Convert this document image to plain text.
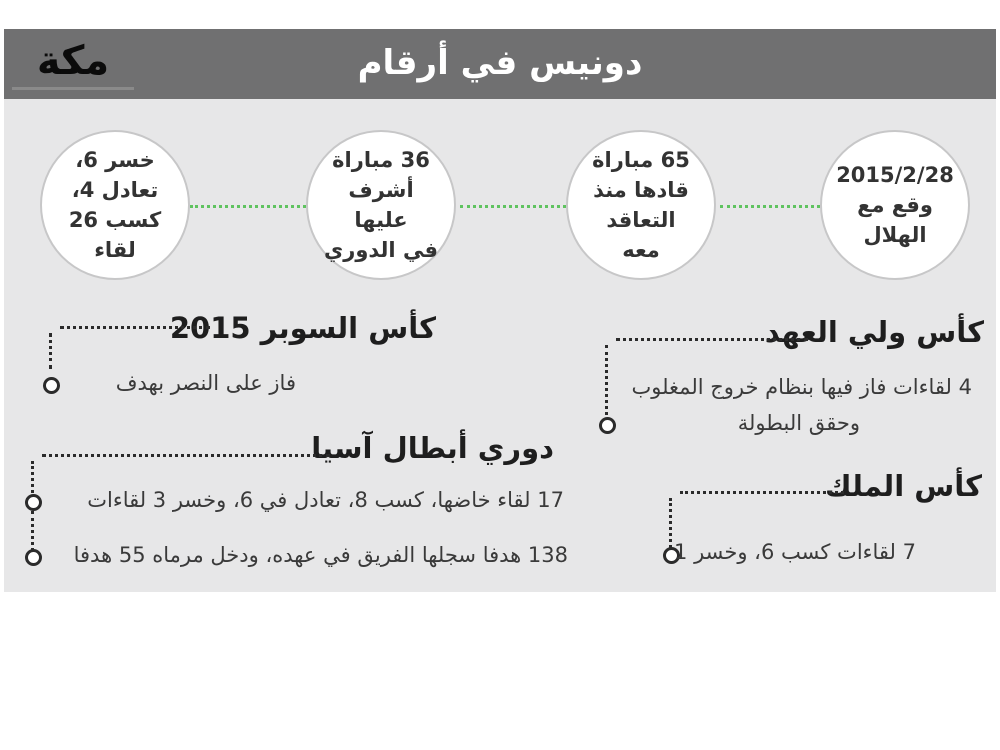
مكة	دونيس في أرقام
2015/2/28
وقع مع
الهلال
65 مباراة
قادها منذ
التعاقد
معه
36 مباراة
أشرف عليها
في الدوري
خسر 6،
تعادل 4،
كسب 26
لقاء
كأس ولي العهد
4 لقاءات فاز فيها بنظام خروج المغلوب
وحقق البطولة
كأس السوبر 2015
فاز على النصر بهدف
دوري أبطال آسيا
17 لقاء خاضها، كسب 8، تعادل في 6، وخسر 3 لقاءات
138 هدفا سجلها الفريق في عهده، ودخل مرماه 55 هدفا
كأس الملك
7 لقاءات كسب 6، وخسر 1
